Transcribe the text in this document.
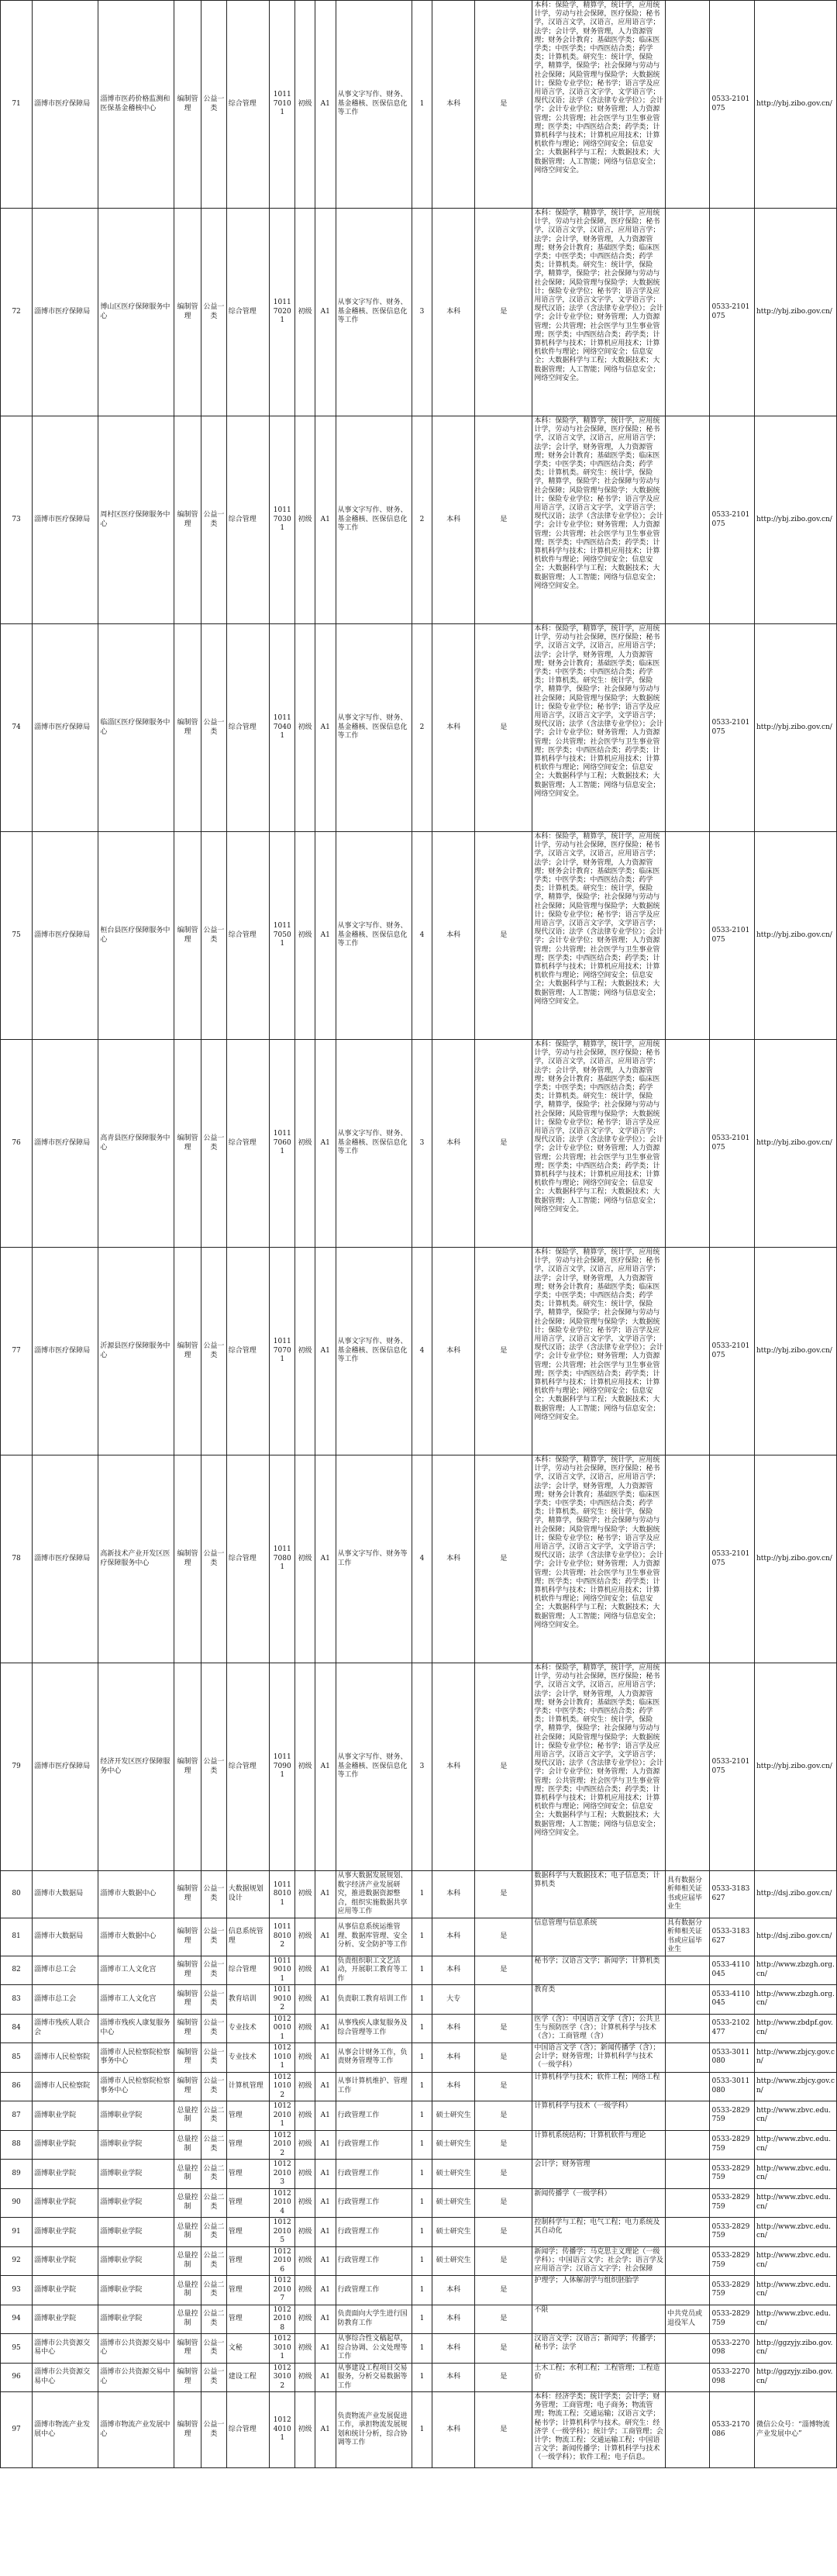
71	淄博市医疗保障局	淄博市医药价格监测和医保基金稽核中心	编制管理	公益一类	综合管理	101170101	初级	A1	从事文字写作、财务、基金稽核、医保信息化等工作	1	本科	是	本科：保险学，精算学，统计学，应用统计学，劳动与社会保障，医疗保险；秘书学，汉语言文学，汉语言，应用语言学；法学；会计学，财务管理，人力资源管理；财务会计教育；基础医学类；临床医学类；中医学类；中西医结合类；药学类；计算机类。研究生：统计学，保险学，精算学，保险学；社会保障与劳动与社会保障；风险管理与保险学；大数据统计；保险专业学位；秘书学；语言学及应用语言学，汉语言文字学，文学语言学；现代汉语；法学（含法律专业学位）；会计学；会计专业学位；财务管理；人力资源管理；公共管理；社会医学与卫生事业管理；医学类；中西医结合类；药学类；计算机科学与技术；计算机应用技术；计算机软件与理论；网络空间安全；信息安全；大数据科学与工程；大数据技术；大数据管理；人工智能；网络与信息安全；网络空间安全。		0533-2101075	http://ybj.zibo.gov.cn/
72	淄博市医疗保障局	博山区医疗保障服务中心	编制管理	公益一类	综合管理	101170201	初级	A1	从事文字写作、财务、基金稽核、医保信息化等工作	3	本科	是	本科：保险学，精算学，统计学，应用统计学，劳动与社会保障，医疗保险；秘书学，汉语言文学，汉语言，应用语言学；法学；会计学，财务管理，人力资源管理；财务会计教育；基础医学类；临床医学类；中医学类；中西医结合类；药学类；计算机类。研究生：统计学，保险学，精算学，保险学；社会保障与劳动与社会保障；风险管理与保险学；大数据统计；保险专业学位；秘书学；语言学及应用语言学，汉语言文字学，文学语言学；现代汉语；法学（含法律专业学位）；会计学；会计专业学位；财务管理；人力资源管理；公共管理；社会医学与卫生事业管理；医学类；中西医结合类；药学类；计算机科学与技术；计算机应用技术；计算机软件与理论；网络空间安全；信息安全；大数据科学与工程；大数据技术；大数据管理；人工智能；网络与信息安全；网络空间安全。		0533-2101075	http://ybj.zibo.gov.cn/
73	淄博市医疗保障局	周村区医疗保障服务中心	编制管理	公益一类	综合管理	101170301	初级	A1	从事文字写作、财务、基金稽核、医保信息化等工作	2	本科	是	本科：保险学，精算学，统计学，应用统计学，劳动与社会保障，医疗保险；秘书学，汉语言文学，汉语言，应用语言学；法学；会计学，财务管理，人力资源管理；财务会计教育；基础医学类；临床医学类；中医学类；中西医结合类；药学类；计算机类。研究生：统计学，保险学，精算学，保险学；社会保障与劳动与社会保障；风险管理与保险学；大数据统计；保险专业学位；秘书学；语言学及应用语言学，汉语言文字学，文学语言学；现代汉语；法学（含法律专业学位）；会计学；会计专业学位；财务管理；人力资源管理；公共管理；社会医学与卫生事业管理；医学类；中西医结合类；药学类；计算机科学与技术；计算机应用技术；计算机软件与理论；网络空间安全；信息安全；大数据科学与工程；大数据技术；大数据管理；人工智能；网络与信息安全；网络空间安全。		0533-2101075	http://ybj.zibo.gov.cn/
74	淄博市医疗保障局	临淄区医疗保障服务中心	编制管理	公益一类	综合管理	101170401	初级	A1	从事文字写作、财务、基金稽核、医保信息化等工作	2	本科	是	本科：保险学，精算学，统计学，应用统计学，劳动与社会保障，医疗保险；秘书学，汉语言文学，汉语言，应用语言学；法学；会计学，财务管理，人力资源管理；财务会计教育；基础医学类；临床医学类；中医学类；中西医结合类；药学类；计算机类。研究生：统计学，保险学，精算学，保险学；社会保障与劳动与社会保障；风险管理与保险学；大数据统计；保险专业学位；秘书学；语言学及应用语言学，汉语言文字学，文学语言学；现代汉语；法学（含法律专业学位）；会计学；会计专业学位；财务管理；人力资源管理；公共管理；社会医学与卫生事业管理；医学类；中西医结合类；药学类；计算机科学与技术；计算机应用技术；计算机软件与理论；网络空间安全；信息安全；大数据科学与工程；大数据技术；大数据管理；人工智能；网络与信息安全；网络空间安全。		0533-2101075	http://ybj.zibo.gov.cn/
75	淄博市医疗保障局	桓台县医疗保障服务中心	编制管理	公益一类	综合管理	101170501	初级	A1	从事文字写作、财务、基金稽核、医保信息化等工作	4	本科	是	本科：保险学，精算学，统计学，应用统计学，劳动与社会保障，医疗保险；秘书学，汉语言文学，汉语言，应用语言学；法学；会计学，财务管理，人力资源管理；财务会计教育；基础医学类；临床医学类；中医学类；中西医结合类；药学类；计算机类。研究生：统计学，保险学，精算学，保险学；社会保障与劳动与社会保障；风险管理与保险学；大数据统计；保险专业学位；秘书学；语言学及应用语言学，汉语言文字学，文学语言学；现代汉语；法学（含法律专业学位）；会计学；会计专业学位；财务管理；人力资源管理；公共管理；社会医学与卫生事业管理；医学类；中西医结合类；药学类；计算机科学与技术；计算机应用技术；计算机软件与理论；网络空间安全；信息安全；大数据科学与工程；大数据技术；大数据管理；人工智能；网络与信息安全；网络空间安全。		0533-2101075	http://ybj.zibo.gov.cn/
76	淄博市医疗保障局	高青县医疗保障服务中心	编制管理	公益一类	综合管理	101170601	初级	A1	从事文字写作、财务、基金稽核、医保信息化等工作	3	本科	是	本科：保险学，精算学，统计学，应用统计学，劳动与社会保障，医疗保险；秘书学，汉语言文学，汉语言，应用语言学；法学；会计学，财务管理，人力资源管理；财务会计教育；基础医学类；临床医学类；中医学类；中西医结合类；药学类；计算机类。研究生：统计学，保险学，精算学，保险学；社会保障与劳动与社会保障；风险管理与保险学；大数据统计；保险专业学位；秘书学；语言学及应用语言学，汉语言文字学，文学语言学；现代汉语；法学（含法律专业学位）；会计学；会计专业学位；财务管理；人力资源管理；公共管理；社会医学与卫生事业管理；医学类；中西医结合类；药学类；计算机科学与技术；计算机应用技术；计算机软件与理论；网络空间安全；信息安全；大数据科学与工程；大数据技术；大数据管理；人工智能；网络与信息安全；网络空间安全。		0533-2101075	http://ybj.zibo.gov.cn/
77	淄博市医疗保障局	沂源县医疗保障服务中心	编制管理	公益一类	综合管理	101170701	初级	A1	从事文字写作、财务、基金稽核、医保信息化等工作	4	本科	是	本科：保险学，精算学，统计学，应用统计学，劳动与社会保障，医疗保险；秘书学，汉语言文学，汉语言，应用语言学；法学；会计学，财务管理，人力资源管理；财务会计教育；基础医学类；临床医学类；中医学类；中西医结合类；药学类；计算机类。研究生：统计学，保险学，精算学，保险学；社会保障与劳动与社会保障；风险管理与保险学；大数据统计；保险专业学位；秘书学；语言学及应用语言学，汉语言文字学，文学语言学；现代汉语；法学（含法律专业学位）；会计学；会计专业学位；财务管理；人力资源管理；公共管理；社会医学与卫生事业管理；医学类；中西医结合类；药学类；计算机科学与技术；计算机应用技术；计算机软件与理论；网络空间安全；信息安全；大数据科学与工程；大数据技术；大数据管理；人工智能；网络与信息安全；网络空间安全。		0533-2101075	http://ybj.zibo.gov.cn/
78	淄博市医疗保障局	高新技术产业开发区医疗保障服务中心	编制管理	公益一类	综合管理	101170801	初级	A1	从事文字写作、财务等工作	4	本科	是	本科：保险学，精算学，统计学，应用统计学，劳动与社会保障，医疗保险；秘书学，汉语言文学，汉语言，应用语言学；法学；会计学，财务管理，人力资源管理；财务会计教育；基础医学类；临床医学类；中医学类；中西医结合类；药学类；计算机类。研究生：统计学，保险学，精算学，保险学；社会保障与劳动与社会保障；风险管理与保险学；大数据统计；保险专业学位；秘书学；语言学及应用语言学，汉语言文字学，文学语言学；现代汉语；法学（含法律专业学位）；会计学；会计专业学位；财务管理；人力资源管理；公共管理；社会医学与卫生事业管理；医学类；中西医结合类；药学类；计算机科学与技术；计算机应用技术；计算机软件与理论；网络空间安全；信息安全；大数据科学与工程；大数据技术；大数据管理；人工智能；网络与信息安全；网络空间安全。		0533-2101075	http://ybj.zibo.gov.cn/
79	淄博市医疗保障局	经济开发区医疗保障服务中心	编制管理	公益一类	综合管理	101170901	初级	A1	从事文字写作、财务、基金稽核、医保信息化等工作	3	本科	是	本科：保险学，精算学，统计学，应用统计学，劳动与社会保障，医疗保险；秘书学，汉语言文学，汉语言，应用语言学；法学；会计学，财务管理，人力资源管理；财务会计教育；基础医学类；临床医学类；中医学类；中西医结合类；药学类；计算机类。研究生：统计学，保险学，精算学，保险学；社会保障与劳动与社会保障；风险管理与保险学；大数据统计；保险专业学位；秘书学；语言学及应用语言学，汉语言文字学，文学语言学；现代汉语；法学（含法律专业学位）；会计学；会计专业学位；财务管理；人力资源管理；公共管理；社会医学与卫生事业管理；医学类；中西医结合类；药学类；计算机科学与技术；计算机应用技术；计算机软件与理论；网络空间安全；信息安全；大数据科学与工程；大数据技术；大数据管理；人工智能；网络与信息安全；网络空间安全。		0533-2101075	http://ybj.zibo.gov.cn/
80	淄博市大数据局	淄博市大数据中心	编制管理	公益一类	大数据规划设计	101180101	初级	A1	从事大数据发展规划、数字经济产业发展研究，推进数据资源整合，组织实施数据共享应用等工作	1	本科	是	数据科学与大数据技术；电子信息类；计算机类	具有数据分析师相关证书或应届毕业生	0533-3183627	http://dsj.zibo.gov.cn/
81	淄博市大数据局	淄博市大数据中心	编制管理	公益一类	信息系统管理	101180102	初级	A1	从事信息系统运维管理、数据库管理、安全分析、安全防护等工作	1	本科	是	信息管理与信息系统	具有数据分析师相关证书或应届毕业生	0533-3183627	http://dsj.zibo.gov.cn/
82	淄博市总工会	淄博市工人文化宫	编制管理	公益一类	综合管理	101190101	初级	A1	负责组织职工文艺活动，开展职工教育等工作	1	本科	是	秘书学；汉语言文学；新闻学；计算机类		0533-4110045	http://www.zbzgh.org.cn/
83	淄博市总工会	淄博市工人文化宫	编制管理	公益一类	教育培训	101190102	初级	A1	负责职工教育培训工作	1	大专		教育类		0533-4110045	http://www.zbzgh.org.cn/
84	淄博市残疾人联合会	淄博市残疾人康复服务中心	编制管理	公益一类	专业技术	101200101	初级	A1	从事残疾人康复服务及综合管理等工作	1	本科	是	医学（含）：中国语言文学（含）；公共卫生与预防医学（含）；计算机科学与技术（含）；工商管理（含）		0533-2102477	http://www.zbdpf.gov.cn/
85	淄博市人民检察院	淄博市人民检察院检察事务中心	编制管理	公益一类	专业技术	101210101	初级	A1	从事会计财务工作，负责财务管理等工作	1	本科	是	中国语言文学（含）；新闻传播学（含）；会计学；财务管理；计算机科学与技术（一级学科）		0533-3011080	http://www.zbjcy.gov.cn/
86	淄博市人民检察院	淄博市人民检察院检察事务中心	编制管理	公益一类	计算机管理	101210102	初级	A1	从事计算机维护、管理工作	1	本科	是	计算机科学与技术；软件工程；网络工程		0533-3011080	http://www.zbjcy.gov.cn/
87	淄博职业学院	淄博职业学院	总量控制	公益二类	管理	101220101	初级	A1	行政管理工作	1	硕士研究生	是	计算机科学与技术（一级学科）		0533-2829759	http://www.zbvc.edu.cn/
88	淄博职业学院	淄博职业学院	总量控制	公益二类	管理	101220102	初级	A1	行政管理工作	1	硕士研究生	是	计算机系统结构；计算机软件与理论		0533-2829759	http://www.zbvc.edu.cn/
89	淄博职业学院	淄博职业学院	总量控制	公益二类	管理	101220103	初级	A1	行政管理工作	1	硕士研究生	是	会计学；财务管理		0533-2829759	http://www.zbvc.edu.cn/
90	淄博职业学院	淄博职业学院	总量控制	公益二类	管理	101220104	初级	A1	行政管理工作	1	硕士研究生	是	新闻传播学（一级学科）		0533-2829759	http://www.zbvc.edu.cn/
91	淄博职业学院	淄博职业学院	总量控制	公益二类	管理	101220105	初级	A1	行政管理工作	1	硕士研究生	是	控制科学与工程；电气工程；电力系统及其自动化		0533-2829759	http://www.zbvc.edu.cn/
92	淄博职业学院	淄博职业学院	总量控制	公益二类	管理	101220106	初级	A1	行政管理工作	1	硕士研究生	是	新闻学；传播学；马克思主义理论（一级学科）；中国语言文学；社会学；语言学及应用语言学；汉语言文字学；社会保障		0533-2829759	http://www.zbvc.edu.cn/
93	淄博职业学院	淄博职业学院	总量控制	公益二类	管理	101220107	初级	A1	行政管理工作	1	本科	是	护理学；人体解剖学与组织胚胎学		0533-2829759	http://www.zbvc.edu.cn/
94	淄博职业学院	淄博职业学院	总量控制	公益二类	管理	101220108	初级	A1	负责面向大学生进行国防教育工作	1	本科	是	不限	中共党员或退役军人	0533-2829759	http://www.zbvc.edu.cn/
95	淄博市公共资源交易中心	淄博市公共资源交易中心	编制管理	公益一类	文秘	101230101	初级	A1	从事综合性文稿起草，综合协调、公文处理等工作	1	本科	是	汉语言文学；汉语言；新闻学；传播学；秘书学；法学		0533-2270098	http://ggzyjy.zibo.gov.cn/
96	淄博市公共资源交易中心	淄博市公共资源交易中心	编制管理	公益一类	建设工程	101230102	初级	A1	从事建设工程项目交易服务，分析交易数据等工作	1	本科	是	土木工程；水利工程；工程管理；工程造价		0533-2270098	http://ggzyjy.zibo.gov.cn/
97	淄博市物流产业发展中心	淄博市物流产业发展中心	编制管理	公益一类	综合管理	101240101	初级	A1	负责物流产业发展促进工作，承担物流发展规划和统计分析，综合协调等工作	1	本科	是	本科：经济学类；统计学类；会计学；财务管理；工商管理；电子商务；物流管理；物流工程；交通运输；汉语言文学；秘书学；计算机科学与技术。研究生：经济学（一级学科）；统计学；工商管理；会计学；物流工程；交通运输工程；中国语言文学；新闻传播学；计算机科学与技术（一级学科）；软件工程；电子信息。		0533-2170086	微信公众号：“淄博物流产业发展中心”
